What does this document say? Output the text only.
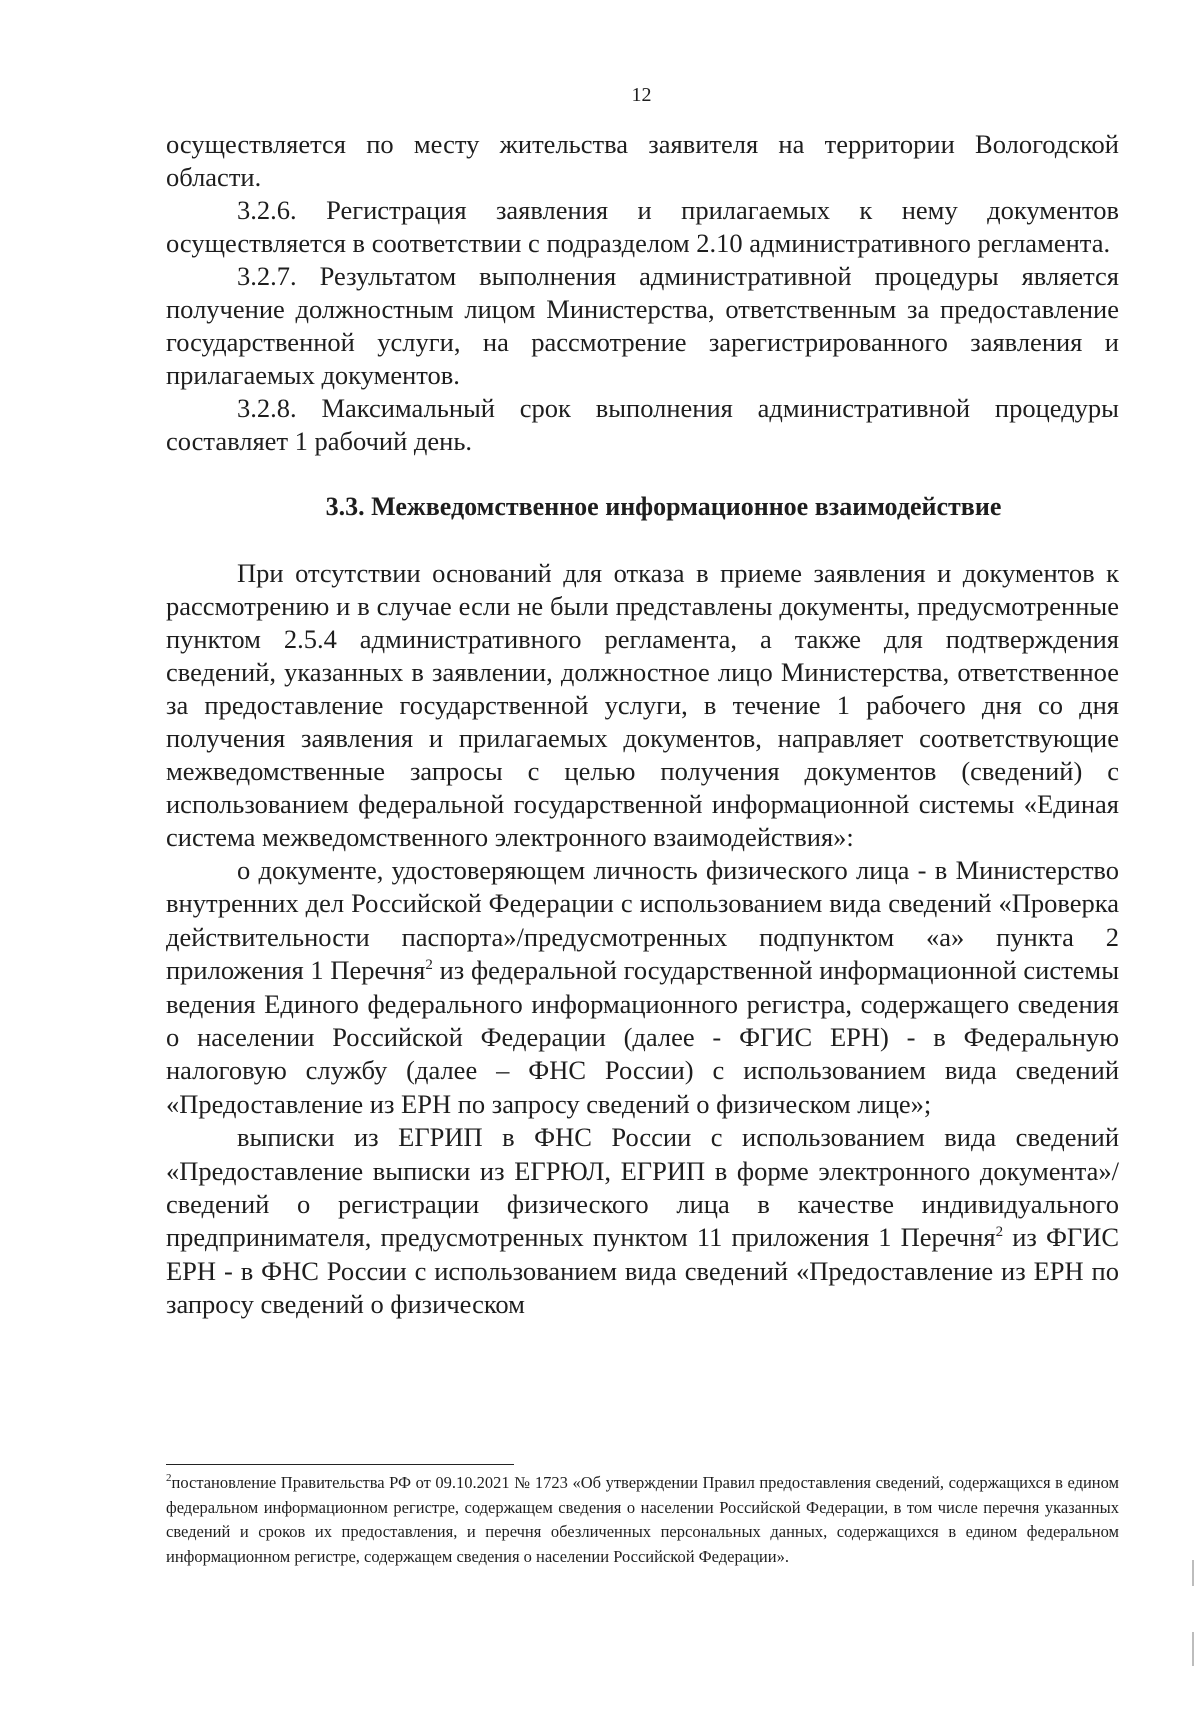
12

осуществляется по месту жительства заявителя на территории Вологодской области.

3.2.6. Регистрация заявления и прилагаемых к нему документов осуществляется в соответствии с подразделом 2.10 административного регламента.

3.2.7. Результатом выполнения административной процедуры является получение должностным лицом Министерства, ответственным за предоставление государственной услуги, на рассмотрение зарегистрированного заявления и прилагаемых документов.

3.2.8. Максимальный срок выполнения административной процедуры составляет 1 рабочий день.

3.3. Межведомственное информационное взаимодействие

При отсутствии оснований для отказа в приеме заявления и документов к рассмотрению и в случае если не были представлены документы, предусмотренные пунктом 2.5.4 административного регламента, а также для подтверждения сведений, указанных в заявлении, должностное лицо Министерства, ответственное за предоставление государственной услуги, в течение 1 рабочего дня со дня получения заявления и прилагаемых документов, направляет соответствующие межведомственные запросы с целью получения документов (сведений) с использованием федеральной государственной информационной системы «Единая система межведомственного электронного взаимодействия»:

о документе, удостоверяющем личность физического лица - в Министерство внутренних дел Российской Федерации с использованием вида сведений «Проверка действительности паспорта»/предусмотренных подпунктом «а» пункта 2 приложения 1 Перечня$^2$ из федеральной государственной информационной системы ведения Единого федерального информационного регистра, содержащего сведения о населении Российской Федерации (далее - ФГИС ЕРН) - в Федеральную налоговую службу (далее – ФНС России) с использованием вида сведений «Предоставление из ЕРН по запросу сведений о физическом лице»;

выписки из ЕГРИП в ФНС России с использованием вида сведений «Предоставление выписки из ЕГРЮЛ, ЕГРИП в форме электронного документа»/сведений о регистрации физического лица в качестве индивидуального предпринимателя, предусмотренных пунктом 11 приложения 1 Перечня$^2$ из ФГИС ЕРН - в ФНС России с использованием вида сведений «Предоставление из ЕРН по запросу сведений о физическом

$^2$постановление Правительства РФ от 09.10.2021 № 1723 «Об утверждении Правил предоставления сведений, содержащихся в едином федеральном информационном регистре, содержащем сведения о населении Российской Федерации, в том числе перечня указанных сведений и сроков их предоставления, и перечня обезличенных персональных данных, содержащихся в едином федеральном информационном регистре, содержащем сведения о населении Российской Федерации».
